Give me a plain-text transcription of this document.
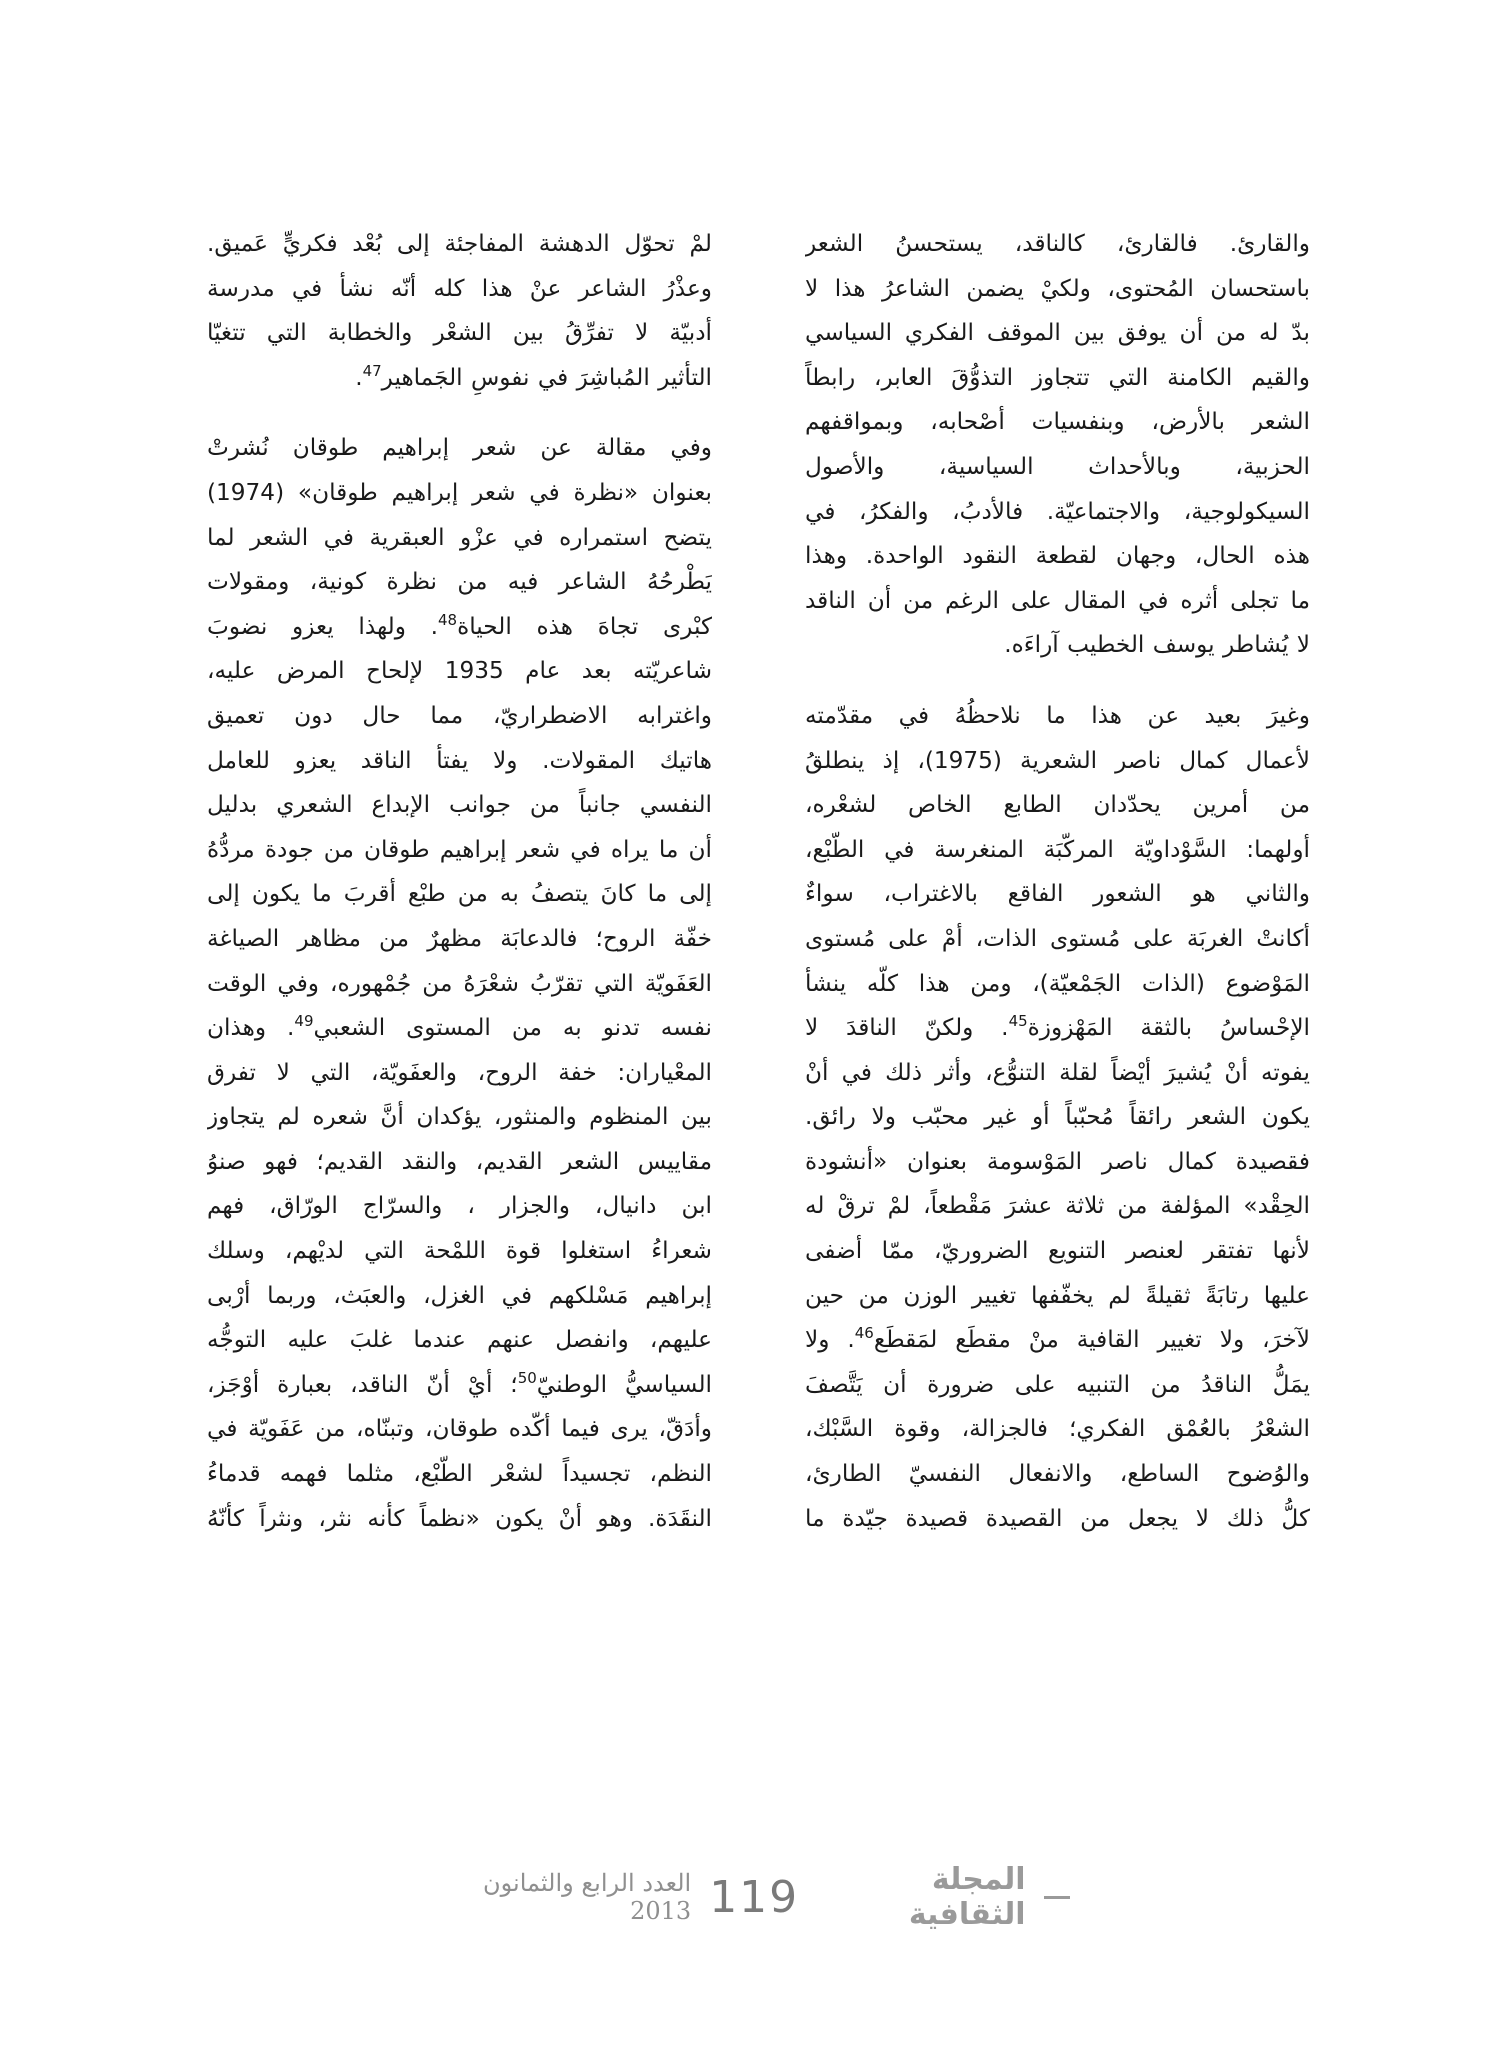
والقارئ. فالقارئ، كالناقد، يستحسنُ الشعر
باستحسان المُحتوى، ولكيْ يضمن الشاعرُ هذا لا
بدّ له من أن يوفق بين الموقف الفكري السياسي
والقيم الكامنة التي تتجاوز التذوُّقَ العابر، رابطاً
الشعر بالأرض، وبنفسيات أصْحابه، وبمواقفهم
الحزبية، وبالأحداث السياسية، والأصول
السيكولوجية، والاجتماعيّة. فالأدبُ، والفكرُ، في
هذه الحال، وجهان لقطعة النقود الواحدة. وهذا
ما تجلى أثره في المقال على الرغم من أن الناقد
لا يُشاطر يوسف الخطيب آراءَه.
وغيرَ بعيد عن هذا ما نلاحظُهُ في مقدّمته
لأعمال كمال ناصر الشعرية (1975)، إذ ينطلقُ
من أمرين يحدّدان الطابع الخاص لشعْره،
أولهما: السَّوْداويّة المركّبَة المنغرسة في الطّبْع،
والثاني هو الشعور الفاقع بالاغتراب، سواءٌ
أكانتْ الغربَة على مُستوى الذات، أمْ على مُستوى
المَوْضوع (الذات الجَمْعيّة)، ومن هذا كلّه ينشأ
الإحْساسُ بالثقة المَهْزوزة$^{45}$. ولكنّ الناقدَ لا
يفوته أنْ يُشيرَ أيْضاً لقلة التنوُّع، وأثر ذلك في أنْ
يكون الشعر رائقاً مُحبّباً أو غير محبّب ولا رائق.
فقصيدة كمال ناصر المَوْسومة بعنوان «أنشودة
الحِقْد» المؤلفة من ثلاثة عشرَ مَقْطعاً، لمْ ترقْ له
لأنها تفتقر لعنصر التنويع الضروريّ، ممّا أضفى
عليها رتابَةً ثقيلةً لم يخفّفها تغيير الوزن من حين
لآخرَ، ولا تغيير القافية منْ مقطَع لمَقطَع$^{46}$. ولا
يمَلُّ الناقدُ من التنبيه على ضرورة أن يَتَّصفَ
الشعْرُ بالعُمْق الفكري؛ فالجزالة، وقوة السَّبْك،
والوُضوح الساطع، والانفعال النفسيّ الطارئ،
كلُّ ذلك لا يجعل من القصيدة قصيدة جيّدة ما
لمْ تحوّل الدهشة المفاجئة إلى بُعْد فكريٍّ عَميق.
وعذْرُ الشاعر عنْ هذا كله أنّه نشأ في مدرسة
أدبيّة لا تفرِّقُ بين الشعْر والخطابة التي تتغيّا
التأثير المُباشِرَ في نفوسِ الجَماهير$^{47}$.
وفي مقالة عن شعر إبراهيم طوقان نُشرتْ
بعنوان «نظرة في شعر إبراهيم طوقان» (1974)
يتضح استمراره في عزْو العبقرية في الشعر لما
يَطْرحُهُ الشاعر فيه من نظرة كونية، ومقولات
كبْرى تجاهَ هذه الحياة$^{48}$. ولهذا يعزو نضوبَ
شاعريّته بعد عام 1935 لإلحاح المرض عليه،
واغترابه الاضطراريّ، مما حال دون تعميق
هاتيك المقولات. ولا يفتأ الناقد يعزو للعامل
النفسي جانباً من جوانب الإبداع الشعري بدليل
أن ما يراه في شعر إبراهيم طوقان من جودة مردُّهُ
إلى ما كانَ يتصفُ به من طبْع أقربَ ما يكون إلى
خفّة الروح؛ فالدعابَة مظهرٌ من مظاهر الصياغة
العَفَويّة التي تقرّبُ شعْرَهُ من جُمْهوره، وفي الوقت
نفسه تدنو به من المستوى الشعبي$^{49}$. وهذان
المعْياران: خفة الروح، والعفَويّة، التي لا تفرق
بين المنظوم والمنثور، يؤكدان أنَّ شعره لم يتجاوز
مقاييس الشعر القديم، والنقد القديم؛ فهو صنوُ
ابن دانيال، والجزار ، والسرّاج الورّاق، فهم
شعراءُ استغلوا قوة اللمْحة التي لديْهم، وسلك
إبراهيم مَسْلكهم في الغزل، والعبَث، وربما أرْبى
عليهم، وانفصل عنهم عندما غلبَ عليه التوجُّه
السياسيُّ الوطنيّ$^{50}$؛ أيْ أنّ الناقد، بعبارة أوْجَز،
وأدَقّ، يرى فيما أكّده طوقان، وتبنّاه، من عَفَويّة في
النظم، تجسيداً لشعْر الطّبْع، مثلما فهمه قدماءُ
النقَدَة. وهو أنْ يكون «نظماً كأنه نثر، ونثراً كأنّهُ
المجلة الثقافية
119
العدد الرابع والثمانون 2013
